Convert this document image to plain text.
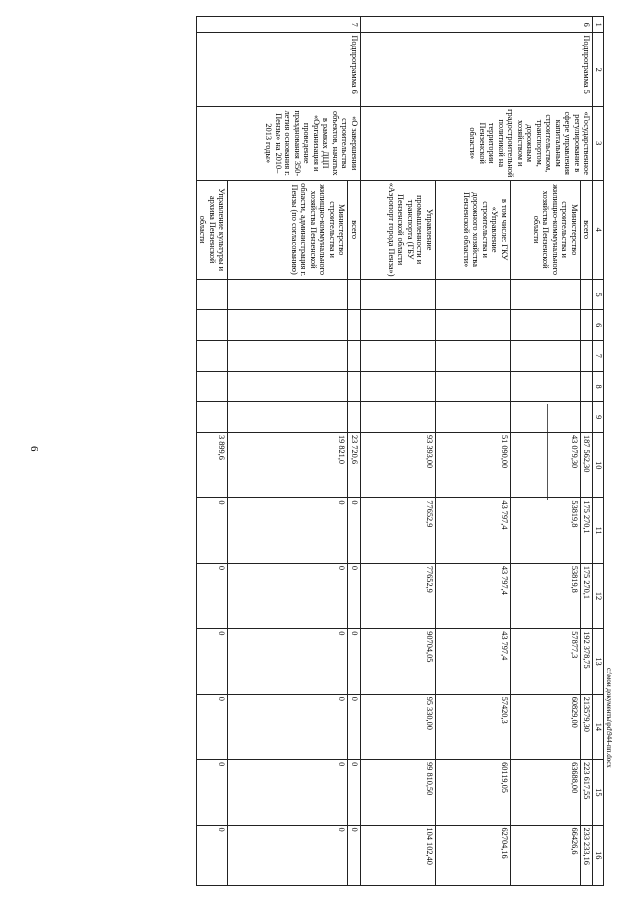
6
c:\мои документы\pd\944-пп.docx
1	2	3	4	5	6	7	8	9	10	11	12	13	14	15	16
6	Подпрограмма 5	«Государственное регулирование в сфере управления капитальным строительством, транспортом, дорожным хозяйством и градостроительной политикой на территории Пензенской области»	всего						187 562,30	175 270,1	175 270,1	192 378,75	213579,30	223 617,55	233 233,16
			Министерство строительства и жилищно-коммунального хозяйства Пензенской области						43 079,30	53819,8	53819,8	57877,3	60829,00	63688,00	66426,6
			в том числе: ГКУ «Управление строительства и дорожного хозяйства Пензенской области»						51 090,00	43 797,4	43 797,4	43 797,4	57420,3	60119,05	62704,16
			Управление промышленности и транспорта (ГБУ Пензенской области «Аэропорт города Пенза»)						93 393,00	77652,9	77652,9	90704,05	95 330,00	99 810,50	104 102,40
7	Подпрограмма 6	«О завершении строительства объектов, начатых в рамках ДЦП «Организация и проведение празднования 350-летия основания г. Пензы» на 2010–2013 годы»	всего						23 720,6	0	0	0	0	0	0
			Министерство строительства и жилищно-коммунального хозяйства Пензенской области, администрация г. Пензы (по согласованию)						19 821,0	0	0	0	0	0	0
			Управление культуры и архива Пензенской области						3 899,6	0	0	0	0	0	0
